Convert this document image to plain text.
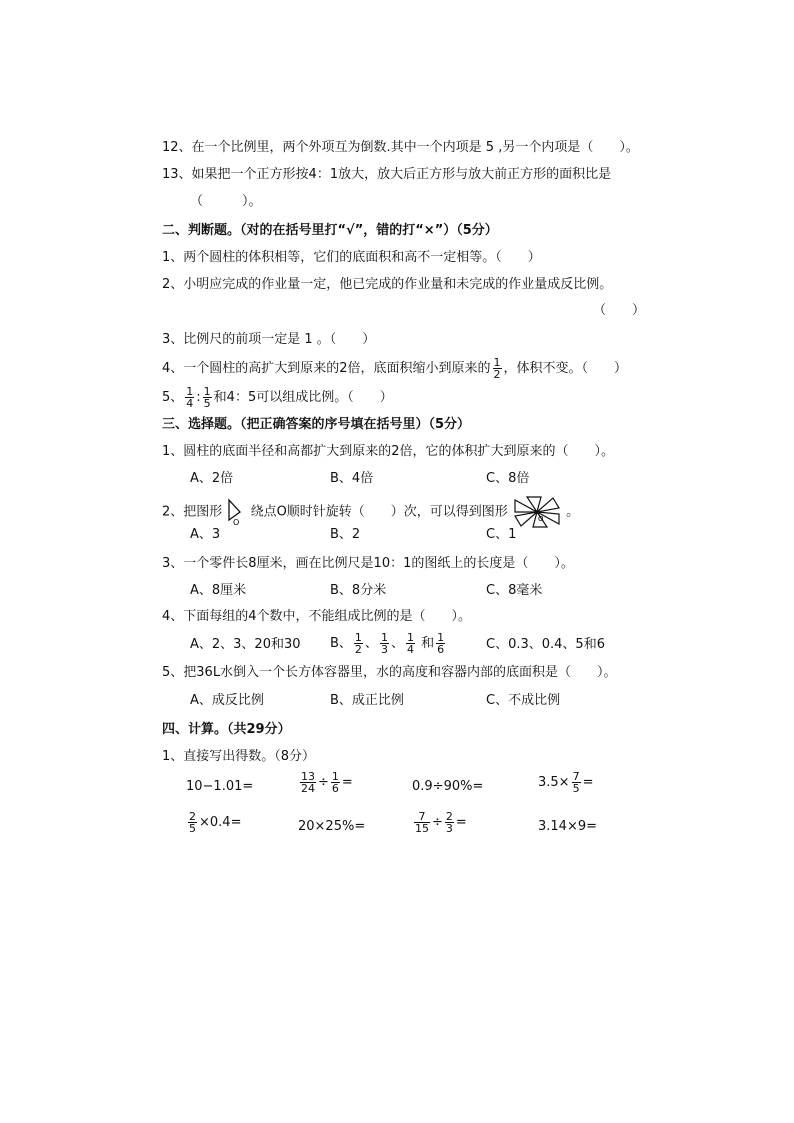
12、在一个比例里，两个外项互为倒数.其中一个内项是 5 ,另一个内项是（　　）。
13、如果把一个正方形按4：1放大，放大后正方形与放大前正方形的面积比是
（　　　）。
二、判断题。（对的在括号里打“√”，错的打“×”）（5分）
1、两个圆柱的体积相等，它们的底面积和高不一定相等。（　　）
2、小明应完成的作业量一定，他已完成的作业量和未完成的作业量成反比例。
（　　）
3、比例尺的前项一定是 1 。（　　）
4、一个圆柱的高扩大到原来的2倍，底面积缩小到原来的 $\frac{1}{2}$ ，体积不变。（　　）
5、 $\frac{1}{4}$ : $\frac{1}{5}$ 和4：5可以组成比例。（　　）
三、选择题。（把正确答案的序号填在括号里）（5分）
1、圆柱的底面半径和高都扩大到原来的2倍，它的体积扩大到原来的（　　）。
A、2倍	B、4倍	C、8倍
2、把图形
O
绕点O顺时针旋转（　　）次，可以得到图形	O 。
A、3	B、2	C、1
3、一个零件长8厘米，画在比例尺是10：1的图纸上的长度是（　　）。
A、8厘米	B、8分米	C、8毫米
4、下面每组的4个数中，不能组成比例的是（　　）。
A、2、3、20和30 B、 $\frac{1}{2}$ 、 $\frac{1}{3}$ 、 $\frac{1}{4}$ 和 $\frac{1}{6}$	C、0.3、0.4、5和6
5、把36L水倒入一个长方体容器里，水的高度和容器内部的底面积是（　　）。
A、成反比例	B、成正比例	C、不成比例
四、计算。（共29分）
1、直接写出得数。（8分）
10−1.01=	$\frac{13}{24} \div \frac{1}{6}$ =	0.9÷90%=	$3.5\times \frac{7}{5}$ =
$\frac{2}{5} \times 0.4=$	20×25%=	$\frac{7}{15} \div \frac{2}{3}$ =	3.14×9=
